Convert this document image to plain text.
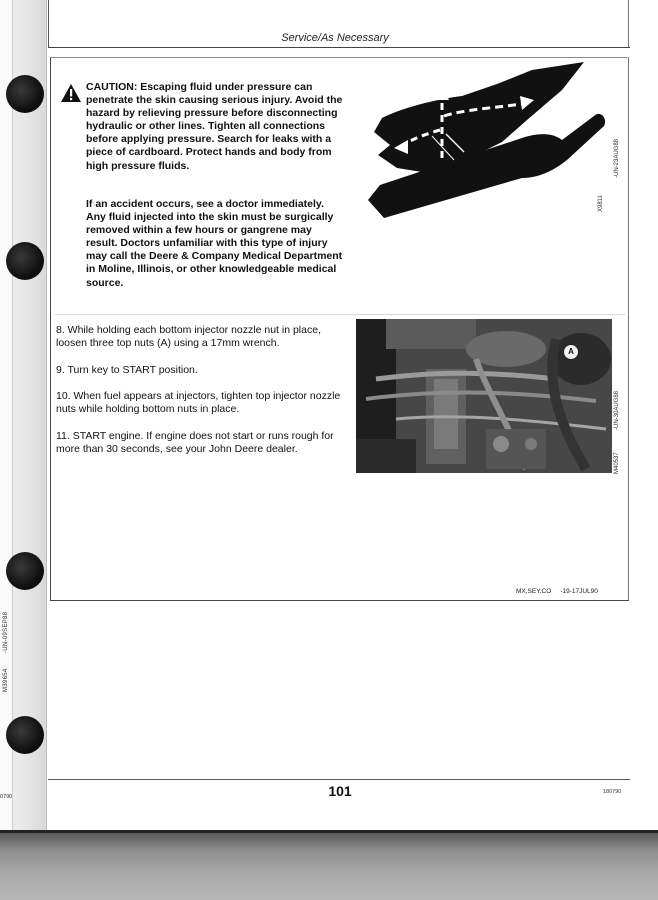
M39654
-UN-09SEP88
0790
Service/As Necessary

CAUTION: Escaping fluid under pressure can penetrate the skin causing serious injury. Avoid the hazard by relieving pressure before disconnecting hydraulic or other lines. Tighten all connections before applying pressure. Search for leaks with a piece of cardboard. Protect hands and body from high pressure fluids.

If an accident occurs, see a doctor immediately. Any fluid injected into the skin must be surgically removed within a few hours or gangrene may result. Doctors unfamiliar with this type of injury may call the Deere & Company Medical Department in Moline, Illinois, or other knowledgeable medical source.

X9811
-UN-23AUG88

8. While holding each bottom injector nozzle nut in place, loosen three top nuts (A) using a 17mm wrench.

9. Turn key to START position.

10. When fuel appears at injectors, tighten top injector nozzle nuts while holding bottom nuts in place.

11. START engine. If engine does not start or runs rough for more than 30 seconds, see your John Deere dealer.

A
M40537
-UN-30AUG88
MX,SEY,CO -19-17JUL90
101	180790
